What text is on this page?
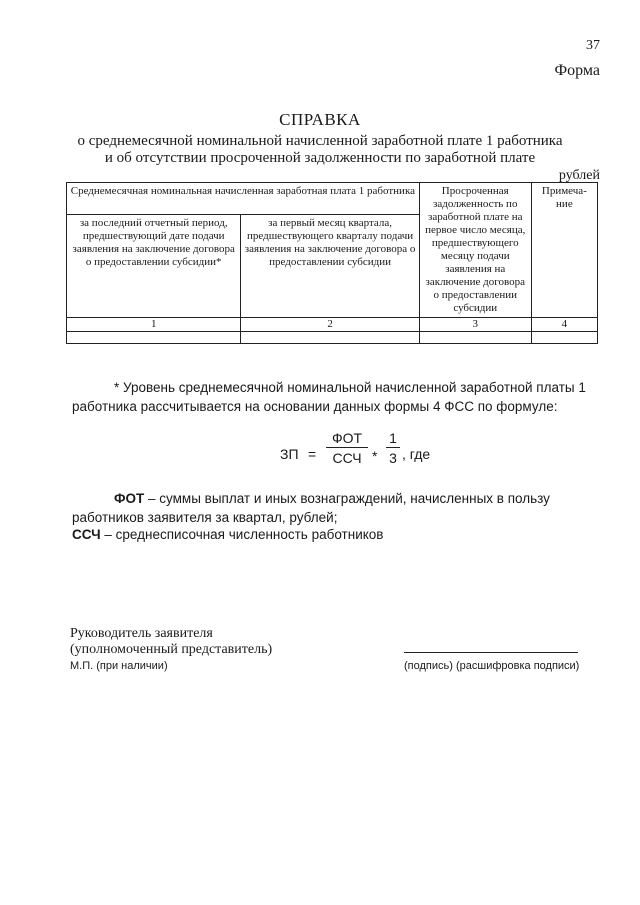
37
Форма
СПРАВКА
о среднемесячной номинальной начисленной заработной плате 1 работника
и об отсутствии просроченной задолженности по заработной плате
рублей
Среднемесячная номинальная начисленная заработная плата 1 работника		Просроченная задолженность по заработной плате на первое число месяца, предшествующего месяцу подачи заявления на заключение договора о предоставлении субсидии	Примеча-ние
за последний отчетный период, предшествующий дате подачи заявления на заключение договора о предоставлении субсидии*	за первый месяц квартала, предшествующего кварталу подачи заявления на заключение договора о предоставлении субсидии		
1	2	3	4

* Уровень среднемесячной номинальной начисленной заработной платы 1 работника рассчитывается на основании данных формы 4 ФСС по формуле:
ЗП =
ФОТ
ССЧ * $\frac{1}{3}$ , где
ФОТ – суммы выплат и иных вознаграждений, начисленных в пользу работников заявителя за квартал, рублей;
ССЧ – среднесписочная численность работников
Руководитель заявителя
(уполномоченный представитель)
М.П. (при наличии)	(подпись) (расшифровка подписи)
